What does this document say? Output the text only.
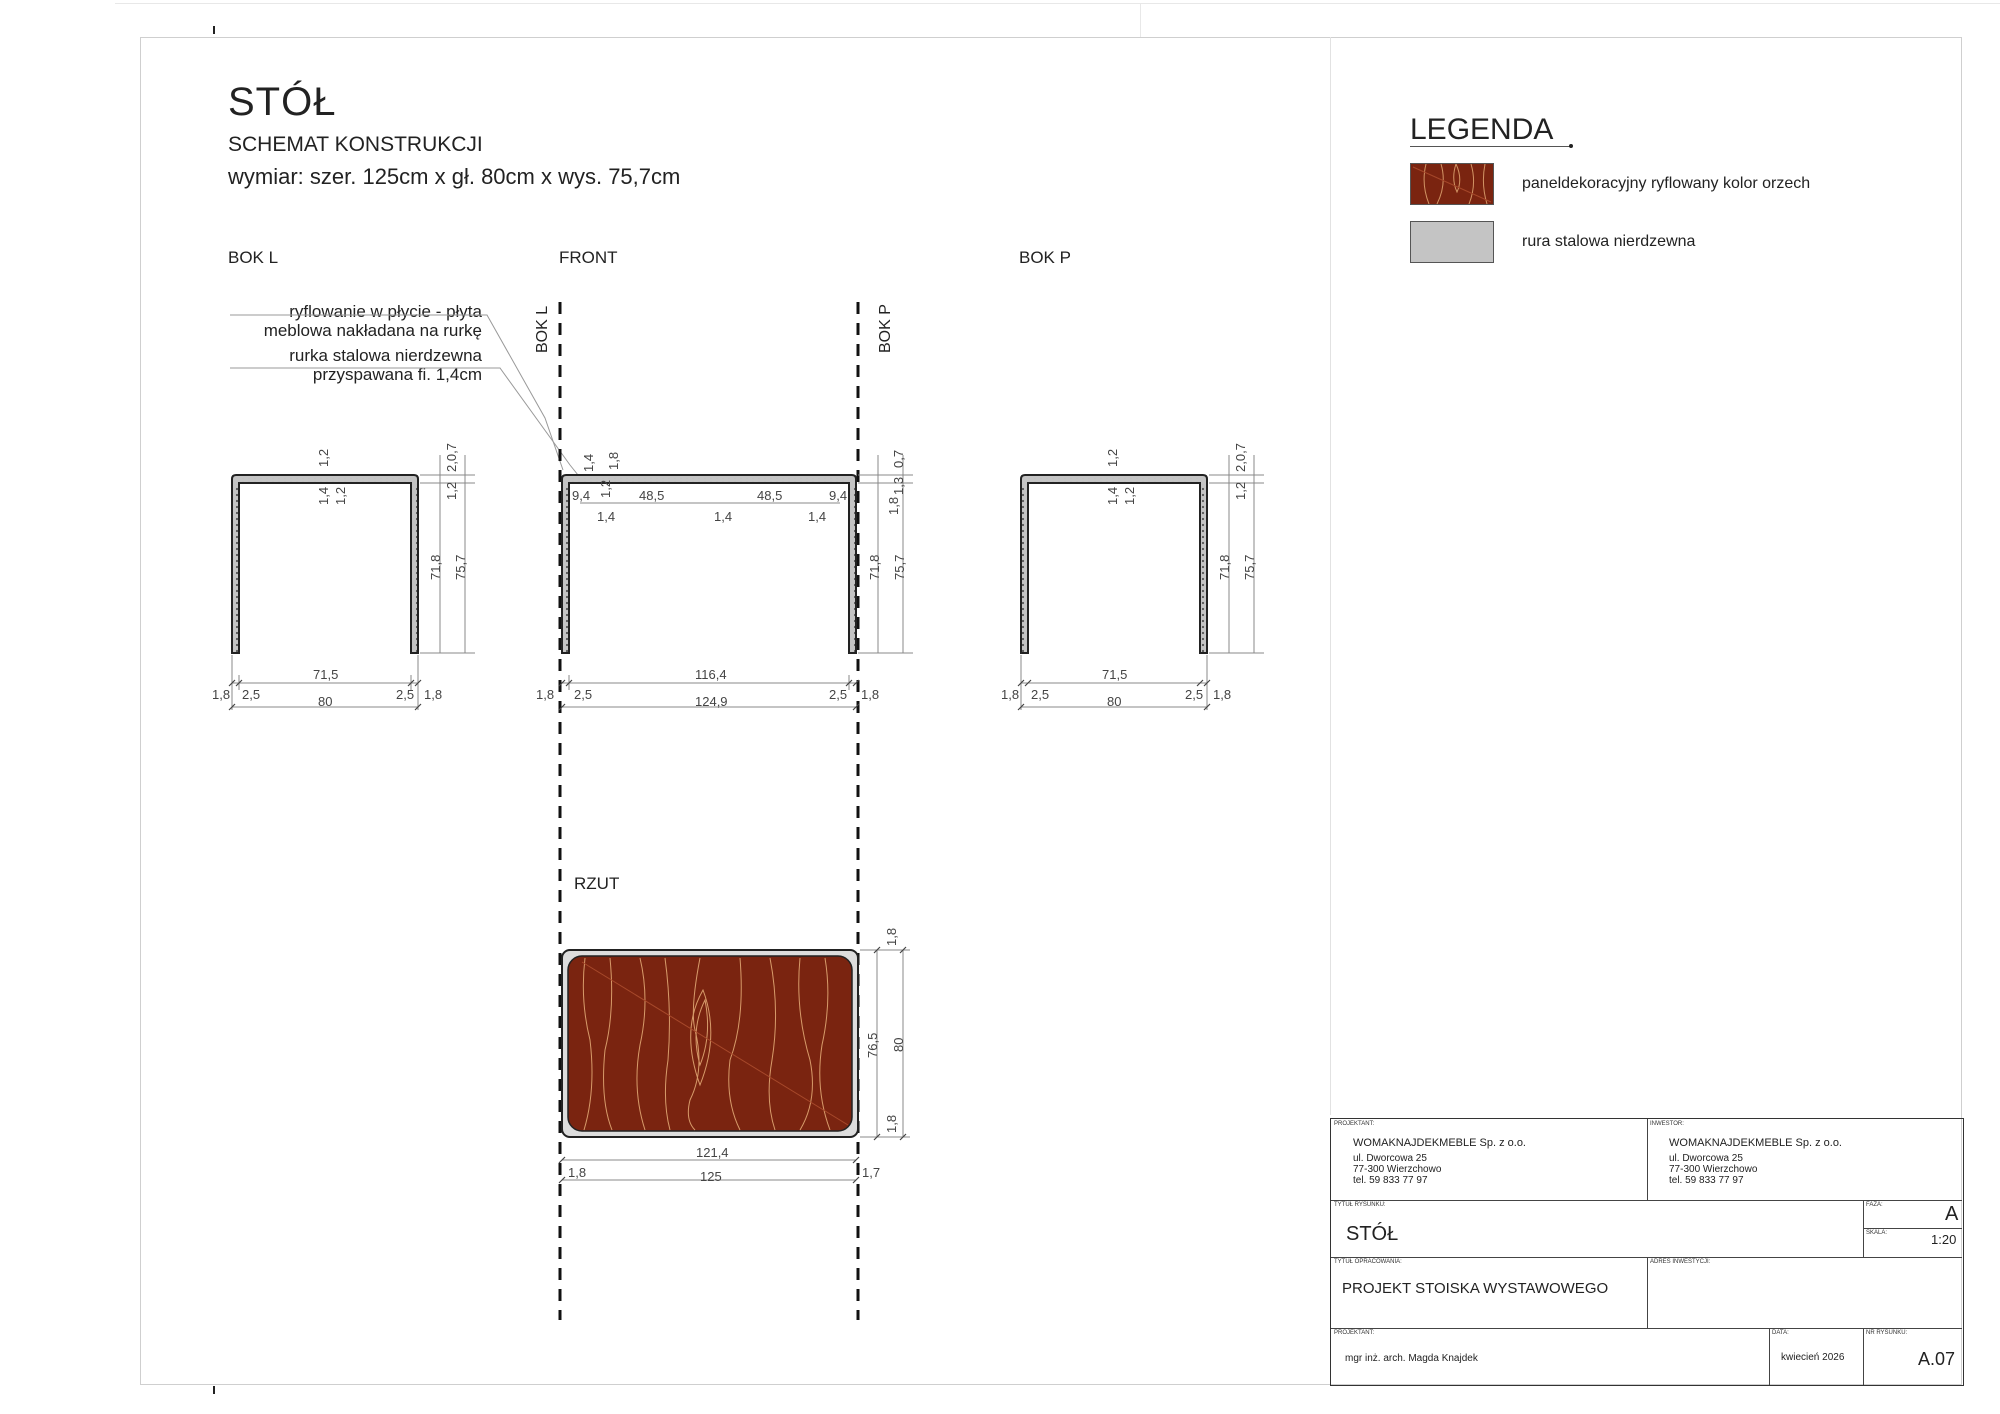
STÓŁ
SCHEMAT KONSTRUKCJI
wymiar: szer. 125cm x gł. 80cm x wys. 75,7cm
BOK L	FRONT	BOK P
RZUT
ryflowanie w płycie - płyta
meblowa nakładana na rurkę
rurka stalowa nierdzewna
przyspawana fi. 1,4cm
BOK L	BOK P
1,2
1,4 1,2
2,0,7
1,2
71,8 75,7
71,5
1,8 2,5	2,5 1,8
80
1,2
1,4 1,2
2,0,7
1,2
71,8 75,7
71,5
1,8 2,5	2,5 1,8
80
1,4 1,8
1,2
9,4	48,5	48,5	9,4
1,4	1,4	1,4
0,7
1,3
1,8
71,8 75,7
116,4
1,8 2,5	2,5 1,8
124,9
1,8
76,5 80
1,8
121,4
125
1,8	1,7
LEGENDA
paneldekoracyjny ryflowany kolor orzech
rura stalowa nierdzewna
PROJEKTANT:
WOMAKNAJDEKMEBLE Sp. z o.o.
ul. Dworcowa 25
77-300 Wierzchowo
tel. 59 833 77 97
INWESTOR:
WOMAKNAJDEKMEBLE Sp. z o.o.
ul. Dworcowa 25
77-300 Wierzchowo
tel. 59 833 77 97
TYTUŁ RYSUNKU:
STÓŁ
FAZA:	A
SKALA:	1:20
TYTUŁ OPRACOWANIA:
PROJEKT STOISKA WYSTAWOWEGO
ADRES INWESTYCJI:
PROJEKTANT:
mgr inż. arch. Magda Knajdek
DATA:
kwiecień 2026
NR RYSUNKU:
A.07
